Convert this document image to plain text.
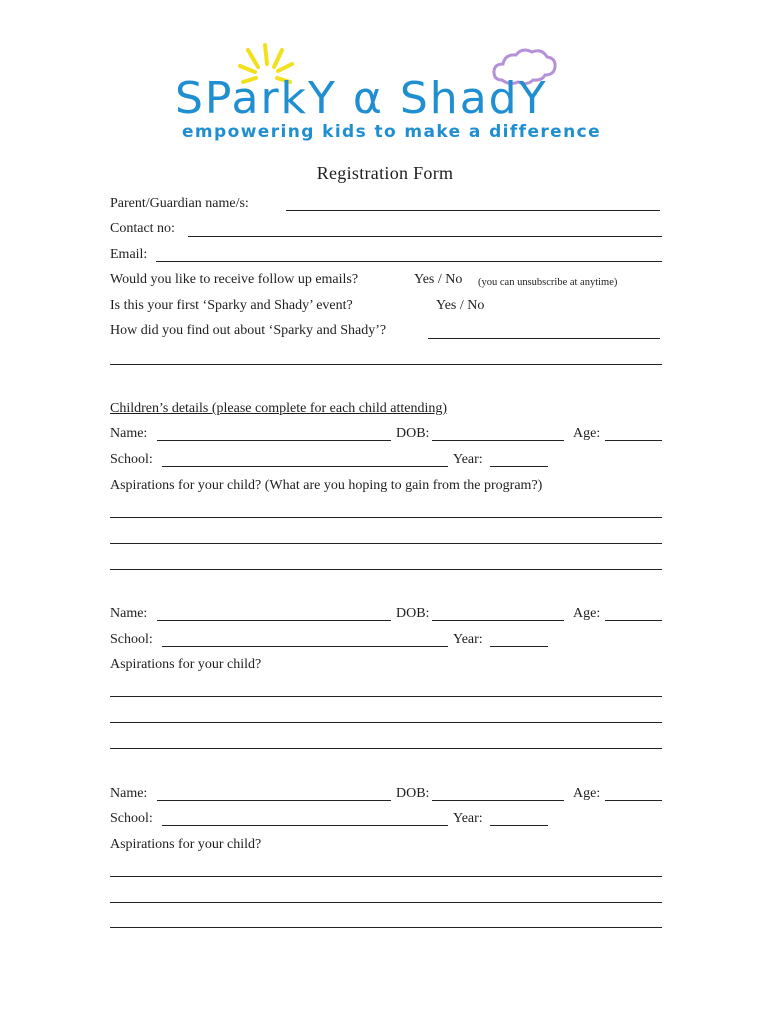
SParkY α ShadY
empowering kids to make a difference
Registration Form
Parent/Guardian name/s:
Contact no:
Email:
Would you like to receive follow up emails?	Yes / No (you can unsubscribe at anytime)
Is this your first ‘Sparky and Shady’ event?	Yes / No
How did you find out about ‘Sparky and Shady’?
Children’s details (please complete for each child attending)
Name:	DOB:	Age:
School:	Year:
Aspirations for your child? (What are you hoping to gain from the program?)
Name:	DOB:	Age:
School:	Year:
Aspirations for your child?
Name:	DOB:	Age:
School:	Year:
Aspirations for your child?
